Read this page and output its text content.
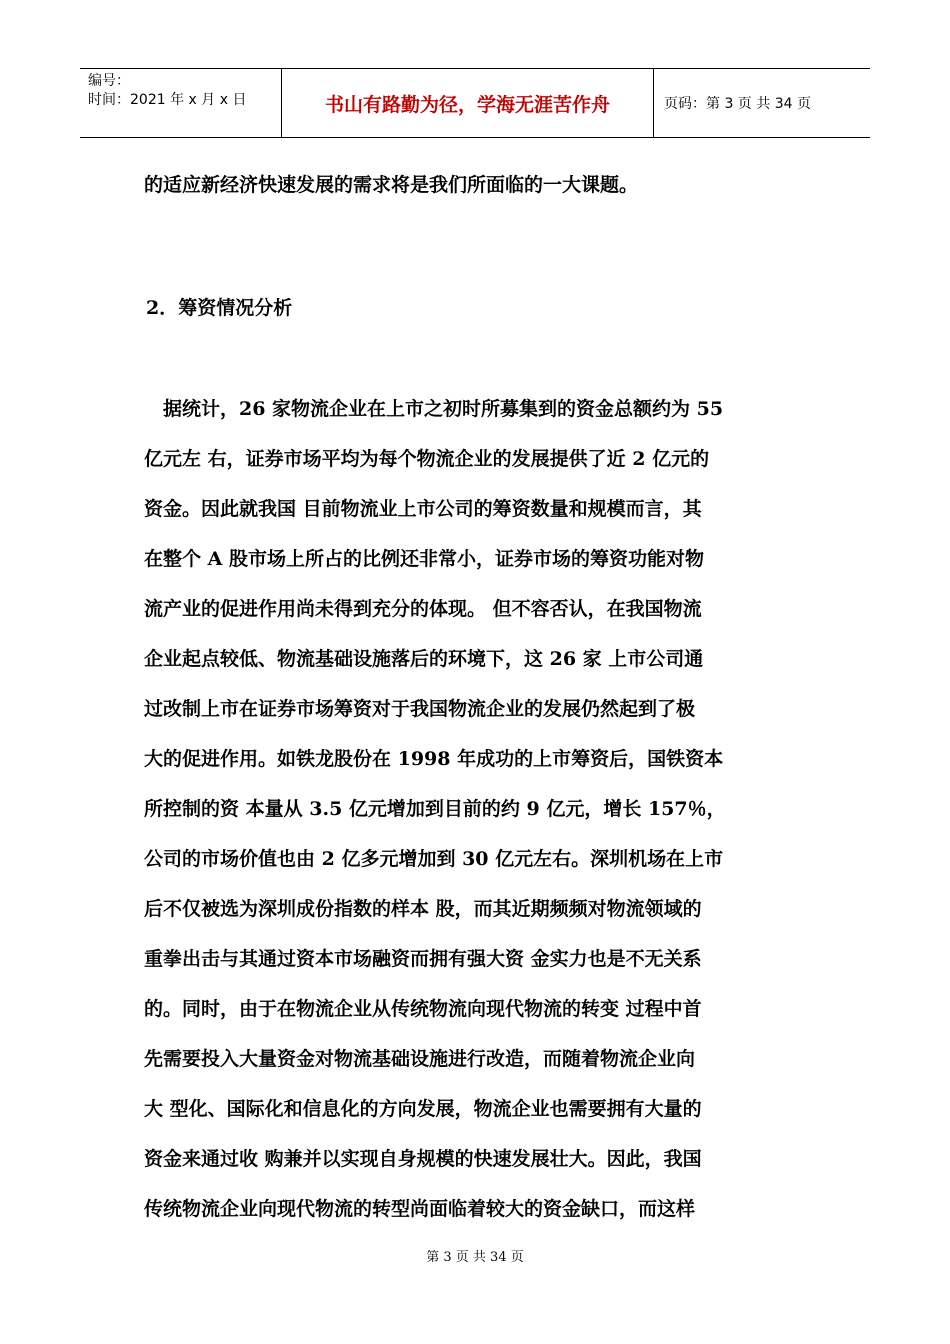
编号：
时间：2021 年 x 月 x 日	书山有路勤为径，学海无涯苦作舟	页码：第 3 页 共 34 页
的适应新经济快速发展的需求将是我们所面临的一大课题。
2．筹资情况分析
　据统计，26 家物流企业在上市之初时所募集到的资金总额约为 55
亿元左 右，证券市场平均为每个物流企业的发展提供了近 2 亿元的
资金。因此就我国 目前物流业上市公司的筹资数量和规模而言，其
在整个 A 股市场上所占的比例还非常小，证券市场的筹资功能对物
流产业的促进作用尚未得到充分的体现。 但不容否认，在我国物流
企业起点较低、物流基础设施落后的环境下，这 26 家 上市公司通
过改制上市在证券市场筹资对于我国物流企业的发展仍然起到了极
大的促进作用。如铁龙股份在 1998 年成功的上市筹资后，国铁资本
所控制的资 本量从 3.5 亿元增加到目前的约 9 亿元，增长 157％，
公司的市场价值也由 2 亿多元增加到 30 亿元左右。深圳机场在上市
后不仅被选为深圳成份指数的样本 股，而其近期频频对物流领域的
重拳出击与其通过资本市场融资而拥有强大资 金实力也是不无关系
的。同时，由于在物流企业从传统物流向现代物流的转变 过程中首
先需要投入大量资金对物流基础设施进行改造，而随着物流企业向
大 型化、国际化和信息化的方向发展，物流企业也需要拥有大量的
资金来通过收 购兼并以实现自身规模的快速发展壮大。因此，我国
传统物流企业向现代物流的转型尚面临着较大的资金缺口，而这样
第 3 页 共 34 页
